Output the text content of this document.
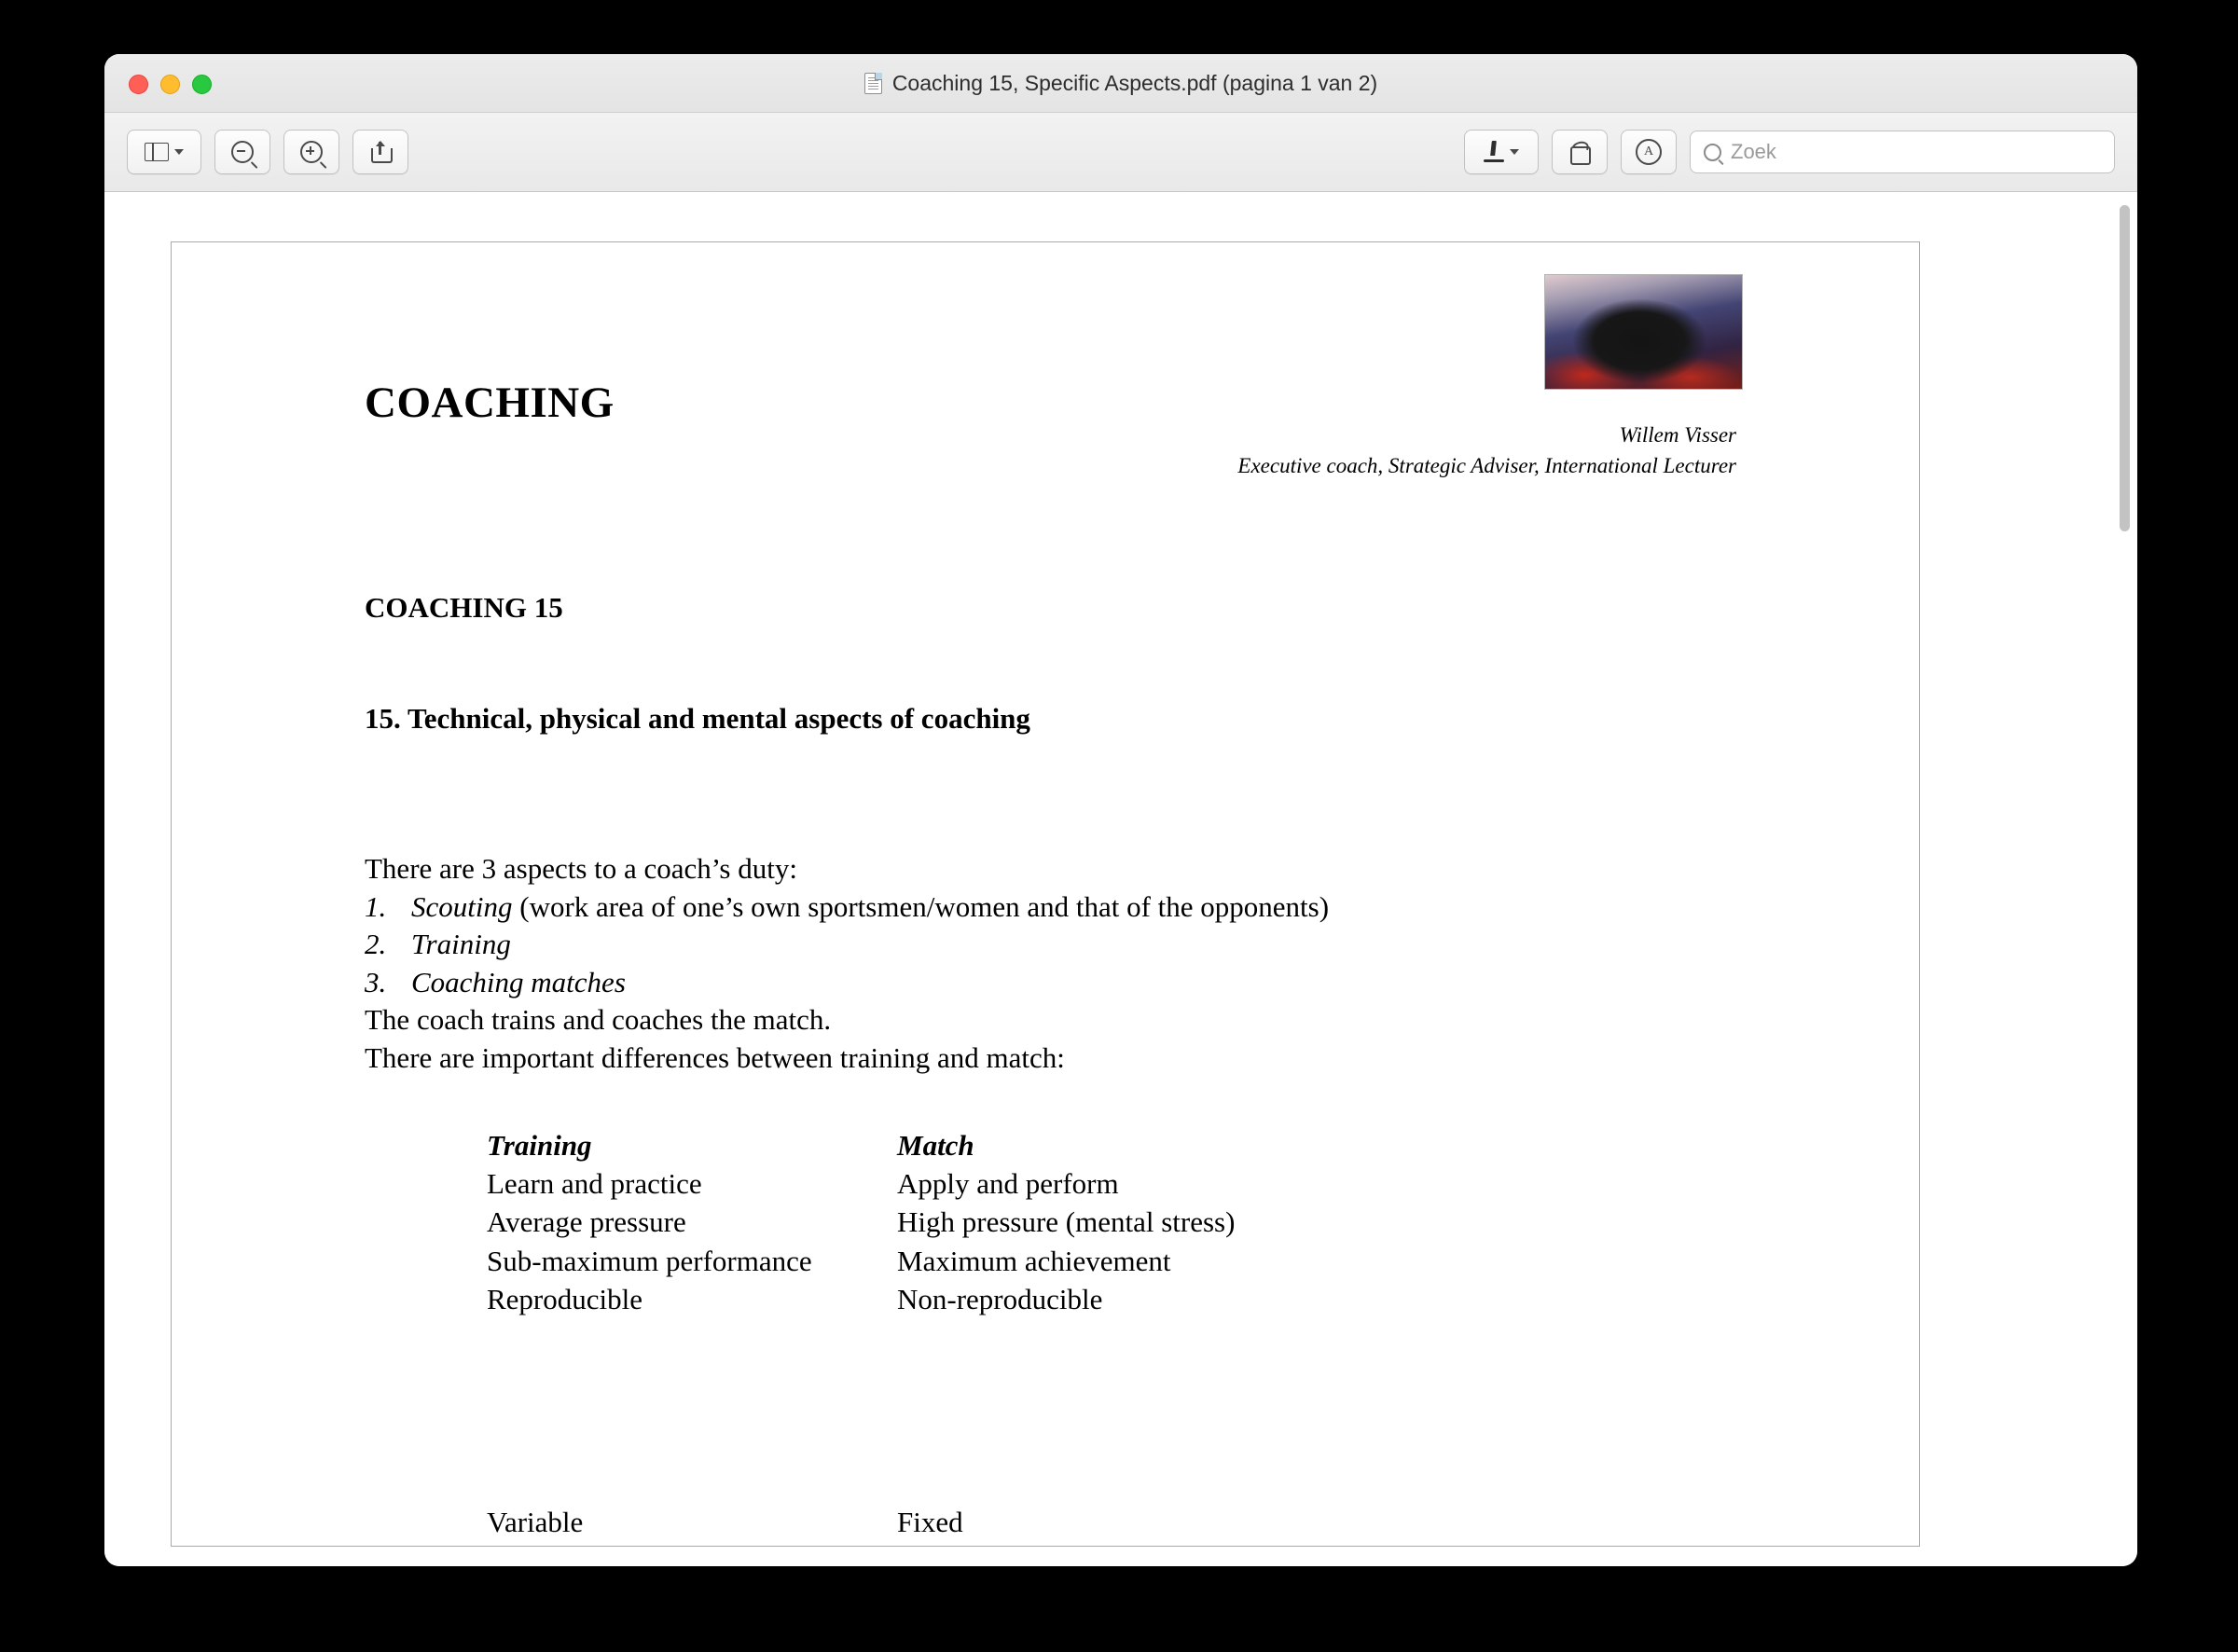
Coaching 15, Specific Aspects.pdf (pagina 1 van 2)
A	Zoek
COACHING
Willem Visser
Executive coach, Strategic Adviser, International Lecturer
COACHING 15
15. Technical, physical and mental aspects of coaching
There are 3 aspects to a coach’s duty:
1. Scouting (work area of one’s own sportsmen/women and that of the opponents)
2. Training
3. Coaching matches
The coach trains and coaches the match.
There are important differences between training and match:
Training	Match
Learn and practice	Apply and perform
Average pressure	High pressure (mental stress)
Sub-maximum performance	Maximum achievement
Reproducible	Non-reproducible
Variable	Fixed
